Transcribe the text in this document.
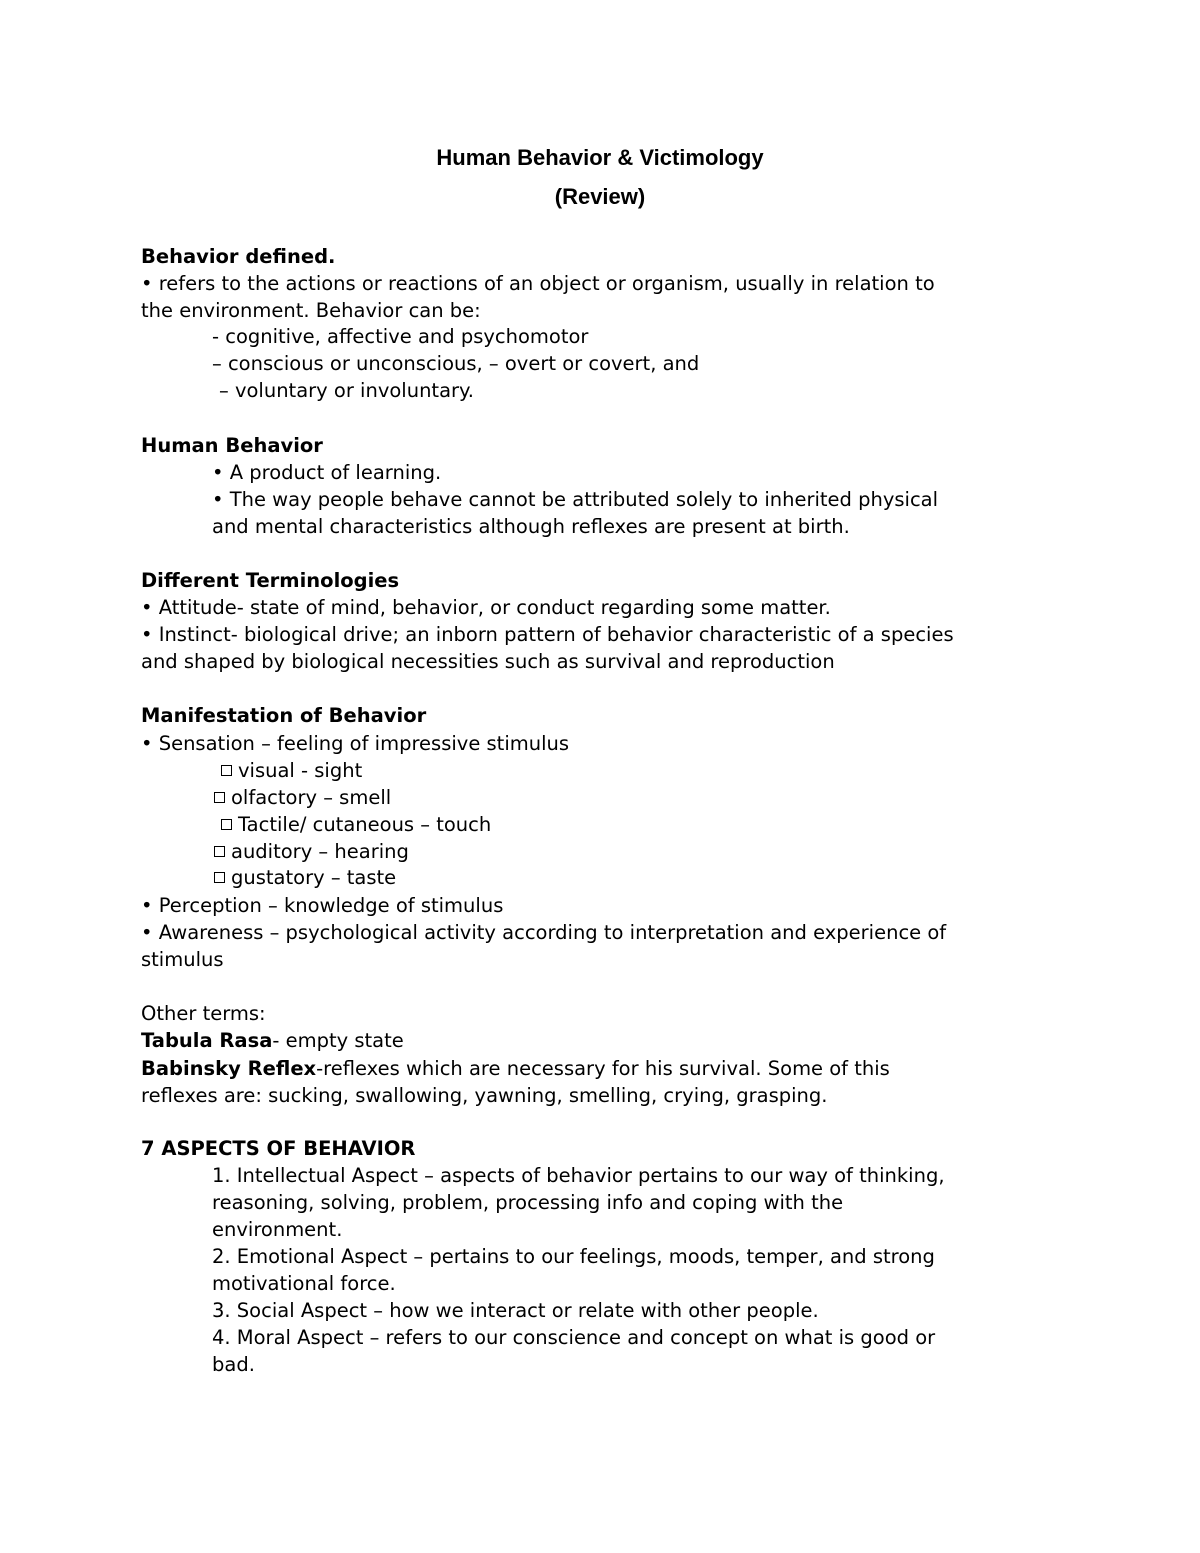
Human Behavior & Victimology
(Review)
Behavior defined.
• refers to the actions or reactions of an object or organism, usually in relation to
the environment. Behavior can be:
- cognitive, affective and psychomotor
– conscious or unconscious, – overt or covert, and
– voluntary or involuntary.
Human Behavior
• A product of learning.
• The way people behave cannot be attributed solely to inherited physical
and mental characteristics although reflexes are present at birth.
Different Terminologies
• Attitude- state of mind, behavior, or conduct regarding some matter.
• Instinct- biological drive; an inborn pattern of behavior characteristic of a species
and shaped by biological necessities such as survival and reproduction
Manifestation of Behavior
• Sensation – feeling of impressive stimulus
visual - sight
olfactory – smell
Tactile/ cutaneous – touch
auditory – hearing
gustatory – taste
• Perception – knowledge of stimulus
• Awareness – psychological activity according to interpretation and experience of
stimulus
Other terms:
Tabula Rasa- empty state
Babinsky Reflex-reflexes which are necessary for his survival. Some of this
reflexes are: sucking, swallowing, yawning, smelling, crying, grasping.
7 ASPECTS OF BEHAVIOR
1. Intellectual Aspect – aspects of behavior pertains to our way of thinking,
reasoning, solving, problem, processing info and coping with the
environment.
2. Emotional Aspect – pertains to our feelings, moods, temper, and strong
motivational force.
3. Social Aspect – how we interact or relate with other people.
4. Moral Aspect – refers to our conscience and concept on what is good or
bad.
